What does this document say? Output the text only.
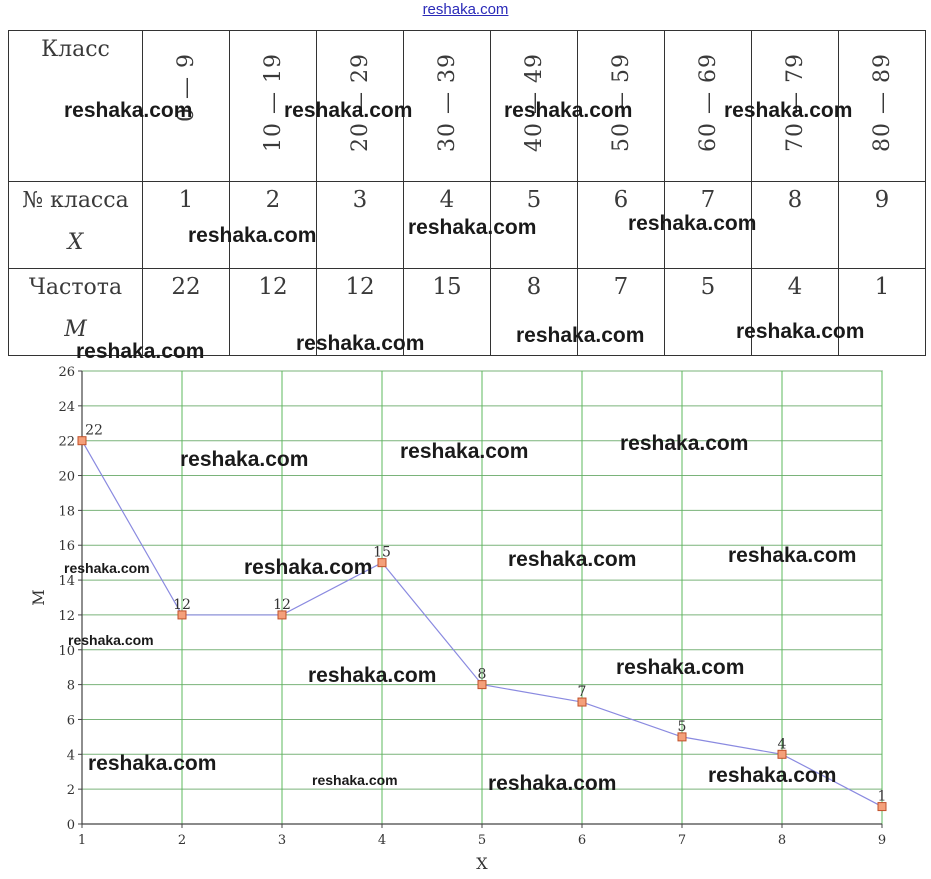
reshaka.com
Класс	0 — 9	10 — 19	20 — 29	30 — 39	40 — 49	50 — 59	60 — 69	70 — 79	80 — 89

№ класса
X	1	2	3	4	5	6	7	8	9

Частота
M	22	12	12	15	8	7	5	4	1
0
2
4
6
8
10
12
14
16
18
20
22
24
26
1	2	3	4	5	6	7	8	9
X
M
22
12	12
15
8
7
5
4
1
reshaka.com	reshaka.com	reshaka.com	reshaka.com
reshaka.com	reshaka.com	reshaka.com
reshaka.com	reshaka.com	reshaka.com	reshaka.com
reshaka.com	reshaka.com	reshaka.com
reshaka.com	reshaka.com	reshaka.com	reshaka.com
reshaka.com
reshaka.com	reshaka.com
reshaka.com
reshaka.com	reshaka.com	reshaka.com
